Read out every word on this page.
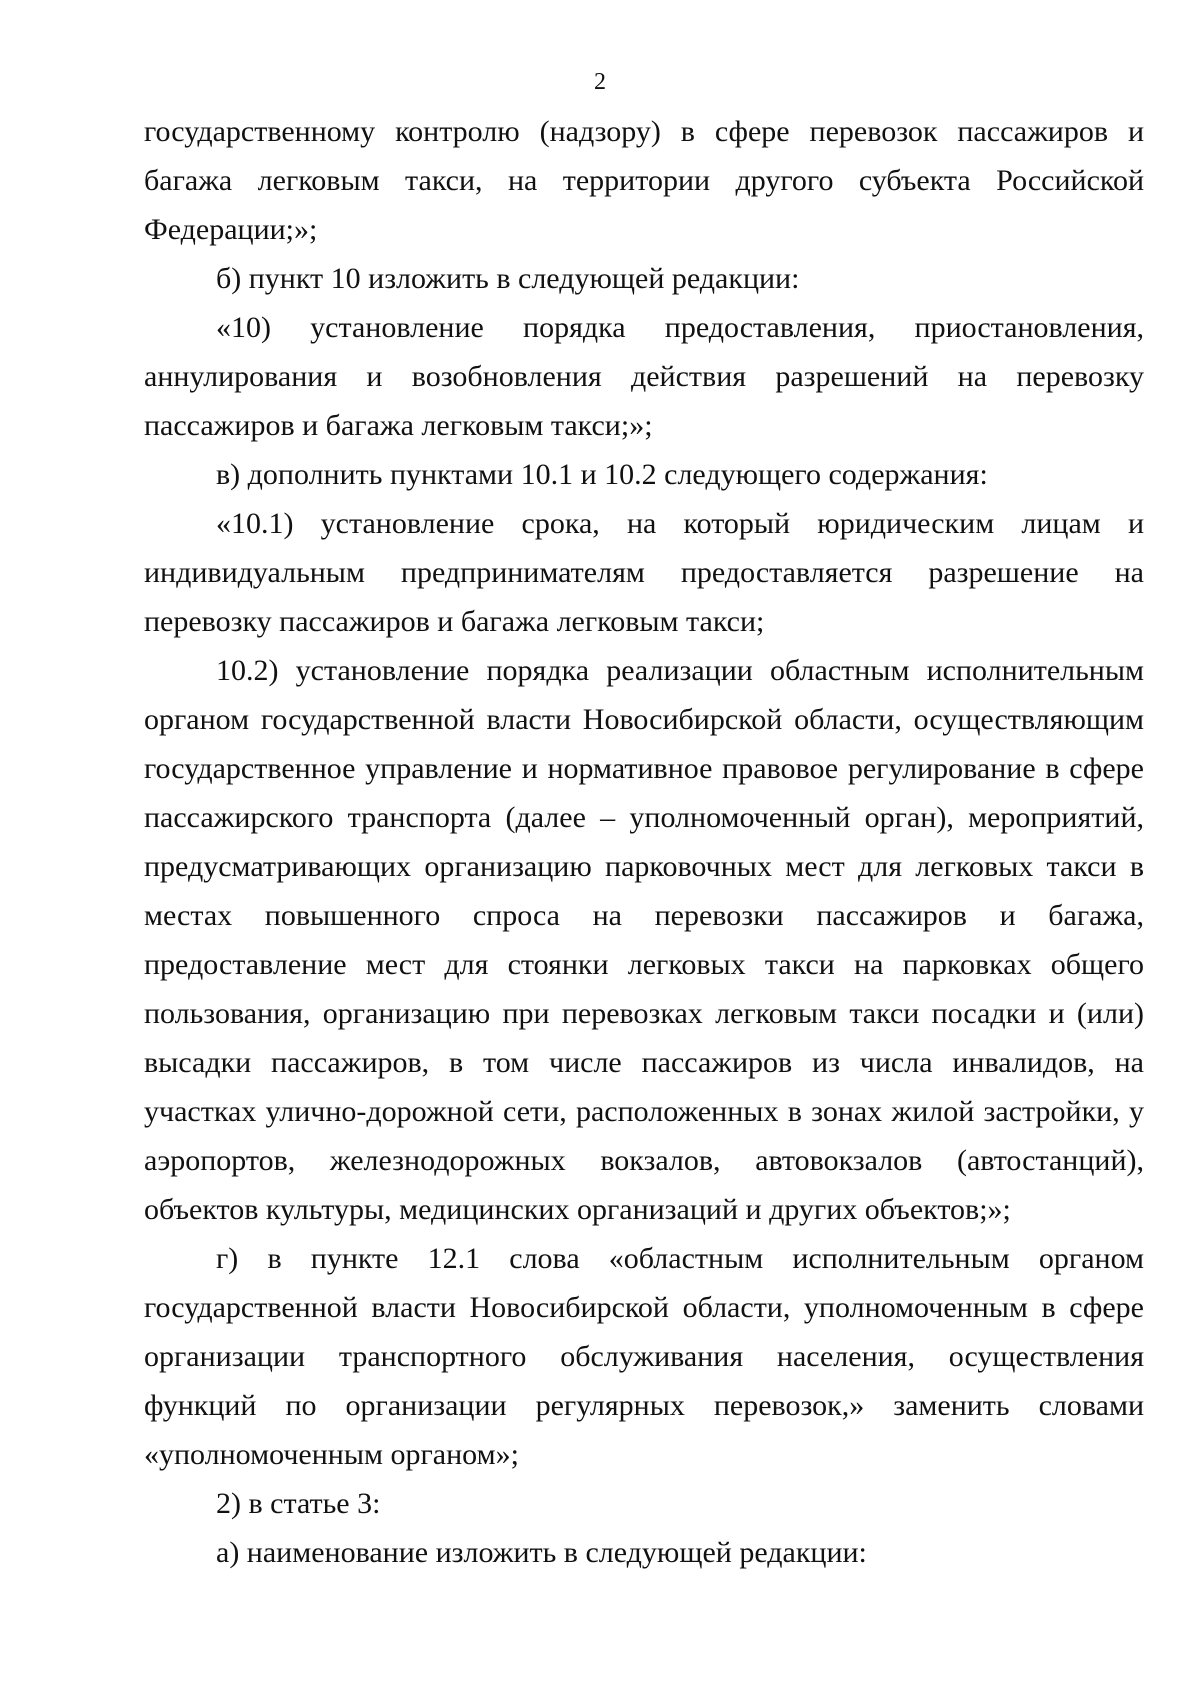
2

государственному контролю (надзору) в сфере перевозок пассажиров и багажа легковым такси, на территории другого субъекта Российской Федерации;»;

б) пункт 10 изложить в следующей редакции:

«10) установление порядка предоставления, приостановления, аннулирования и возобновления действия разрешений на перевозку пассажиров и багажа легковым такси;»;

в) дополнить пунктами 10.1 и 10.2 следующего содержания:

«10.1) установление срока, на который юридическим лицам и индивидуальным предпринимателям предоставляется разрешение на перевозку пассажиров и багажа легковым такси;

10.2) установление порядка реализации областным исполнительным органом государственной власти Новосибирской области, осуществляющим государственное управление и нормативное правовое регулирование в сфере пассажирского транспорта (далее – уполномоченный орган), мероприятий, предусматривающих организацию парковочных мест для легковых такси в местах повышенного спроса на перевозки пассажиров и багажа, предоставление мест для стоянки легковых такси на парковках общего пользования, организацию при перевозках легковым такси посадки и (или) высадки пассажиров, в том числе пассажиров из числа инвалидов, на участках улично-дорожной сети, расположенных в зонах жилой застройки, у аэропортов, железнодорожных вокзалов, автовокзалов (автостанций), объектов культуры, медицинских организаций и других объектов;»;

г) в пункте 12.1 слова «областным исполнительным органом государственной власти Новосибирской области, уполномоченным в сфере организации транспортного обслуживания населения, осуществления функций по организации регулярных перевозок,» заменить словами «уполномоченным органом»;

2) в статье 3:

а) наименование изложить в следующей редакции:
